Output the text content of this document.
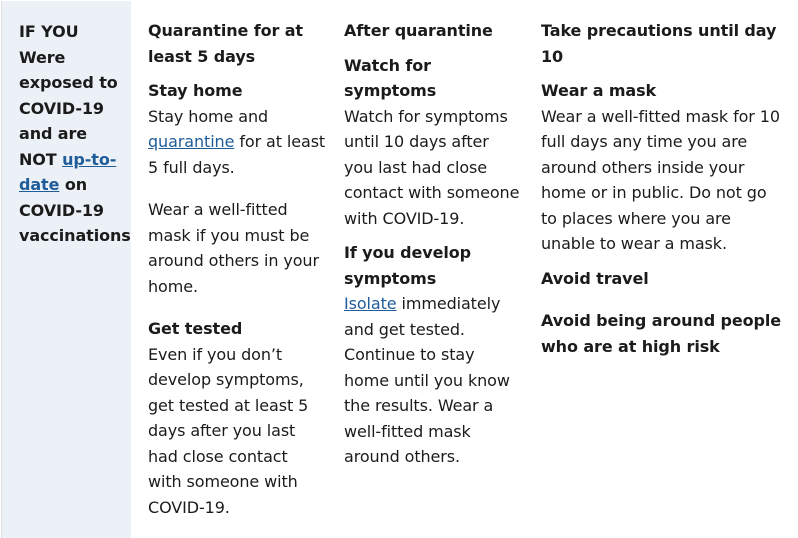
IF YOU
Were exposed to COVID-19 and are NOT up-to-date on COVID-19 vaccinations

Quarantine for at least 5 days
Stay home

Stay home and quarantine for at least 5 full days.

Wear a well-fitted mask if you must be around others in your home.

Get tested

Even if you don’t develop symptoms, get tested at least 5 days after you last had close contact with someone with COVID-19.

After quarantine
Watch for symptoms

Watch for symptoms until 10 days after you last had close contact with someone with COVID-19.

If you develop symptoms

Isolate immediately and get tested. Continue to stay home until you know the results. Wear a well-fitted mask around others.

Take precautions until day 10
Wear a mask

Wear a well-fitted mask for 10 full days any time you are around others inside your home or in public. Do not go to places where you are unable to wear a mask.

Avoid travel
Avoid being around people who are at high risk
